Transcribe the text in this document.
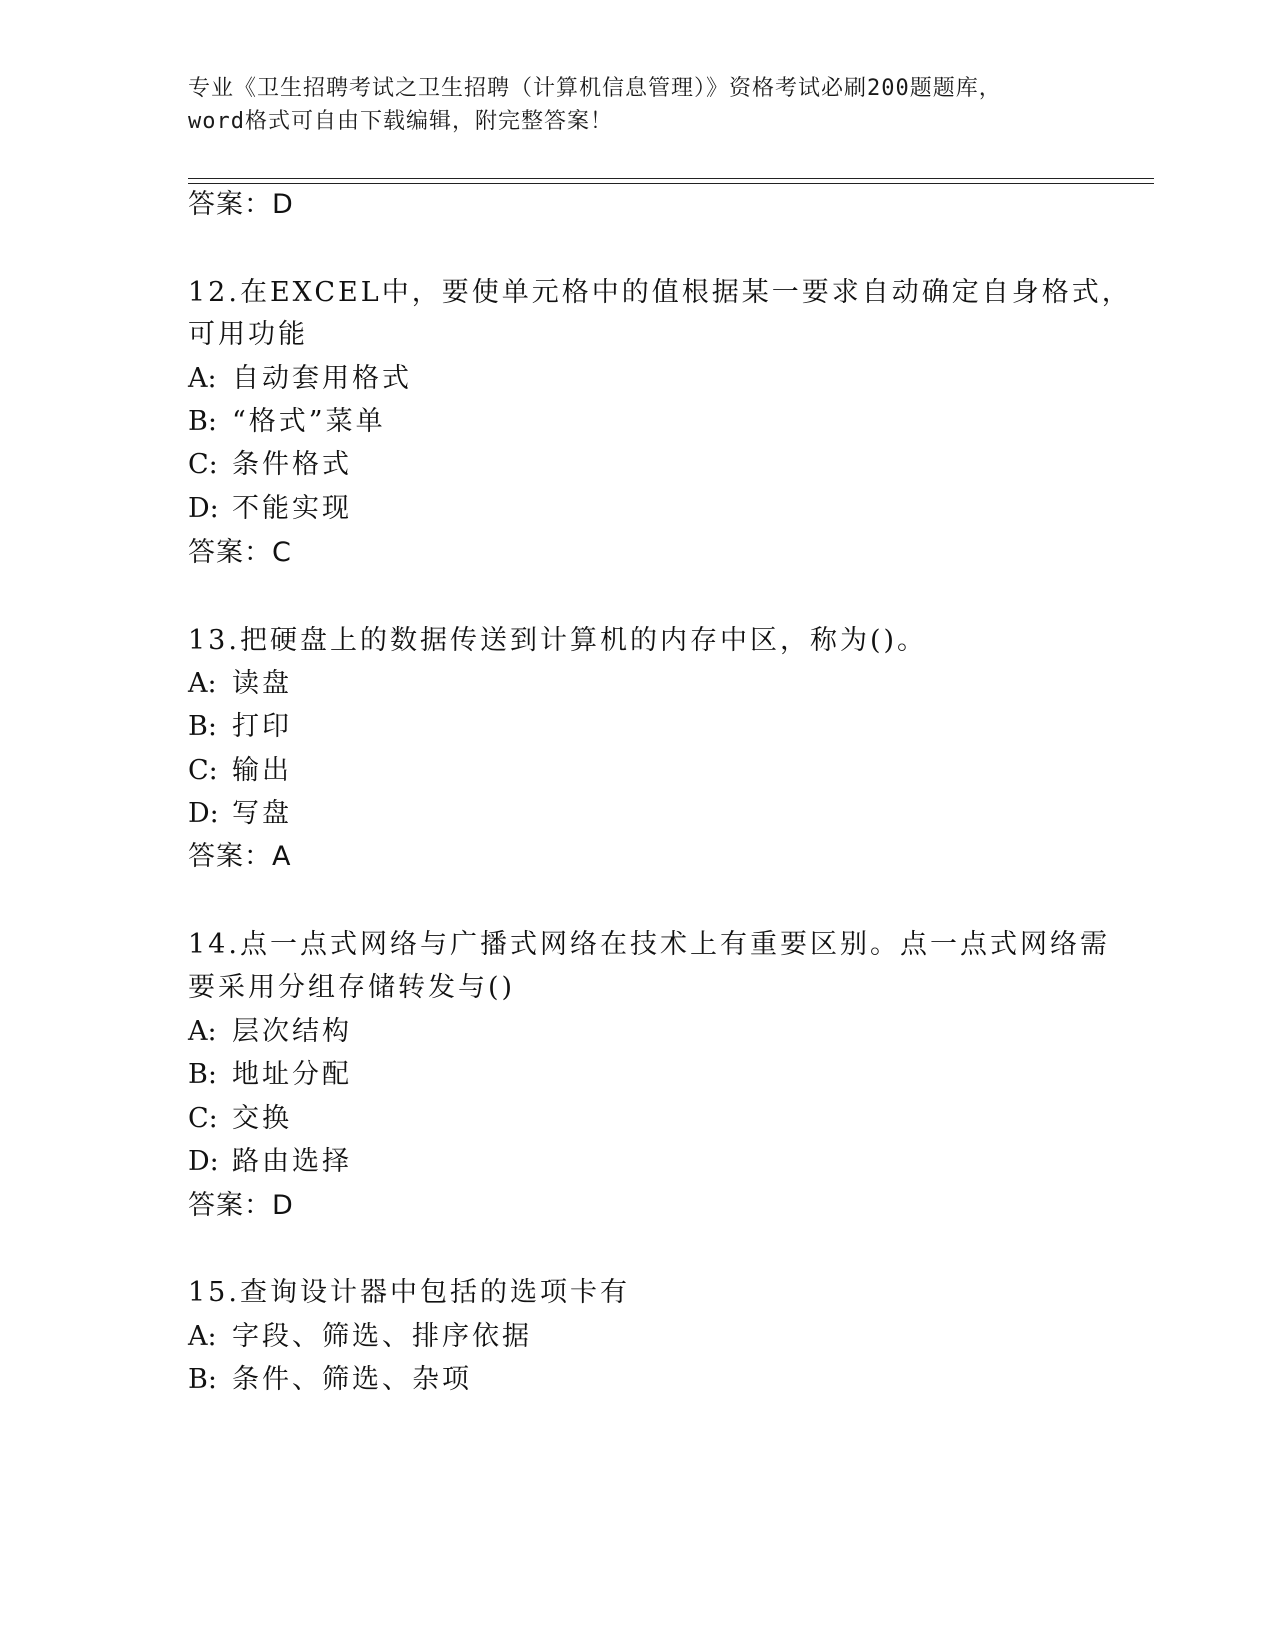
专业《卫生招聘考试之卫生招聘（计算机信息管理）》资格考试必刷200题题库，
word格式可自由下载编辑，附完整答案！
答案：D
12.在EXCEL中，要使单元格中的值根据某一要求自动确定自身格式，
可用功能
A: 自动套用格式
B: “格式”菜单
C: 条件格式
D: 不能实现
答案：C
13.把硬盘上的数据传送到计算机的内存中区，称为()。
A: 读盘
B: 打印
C: 输出
D: 写盘
答案：A
14.点一点式网络与广播式网络在技术上有重要区别。点一点式网络需
要采用分组存储转发与()
A: 层次结构
B: 地址分配
C: 交换
D: 路由选择
答案：D
15.查询设计器中包括的选项卡有
A: 字段、筛选、排序依据
B: 条件、筛选、杂项
